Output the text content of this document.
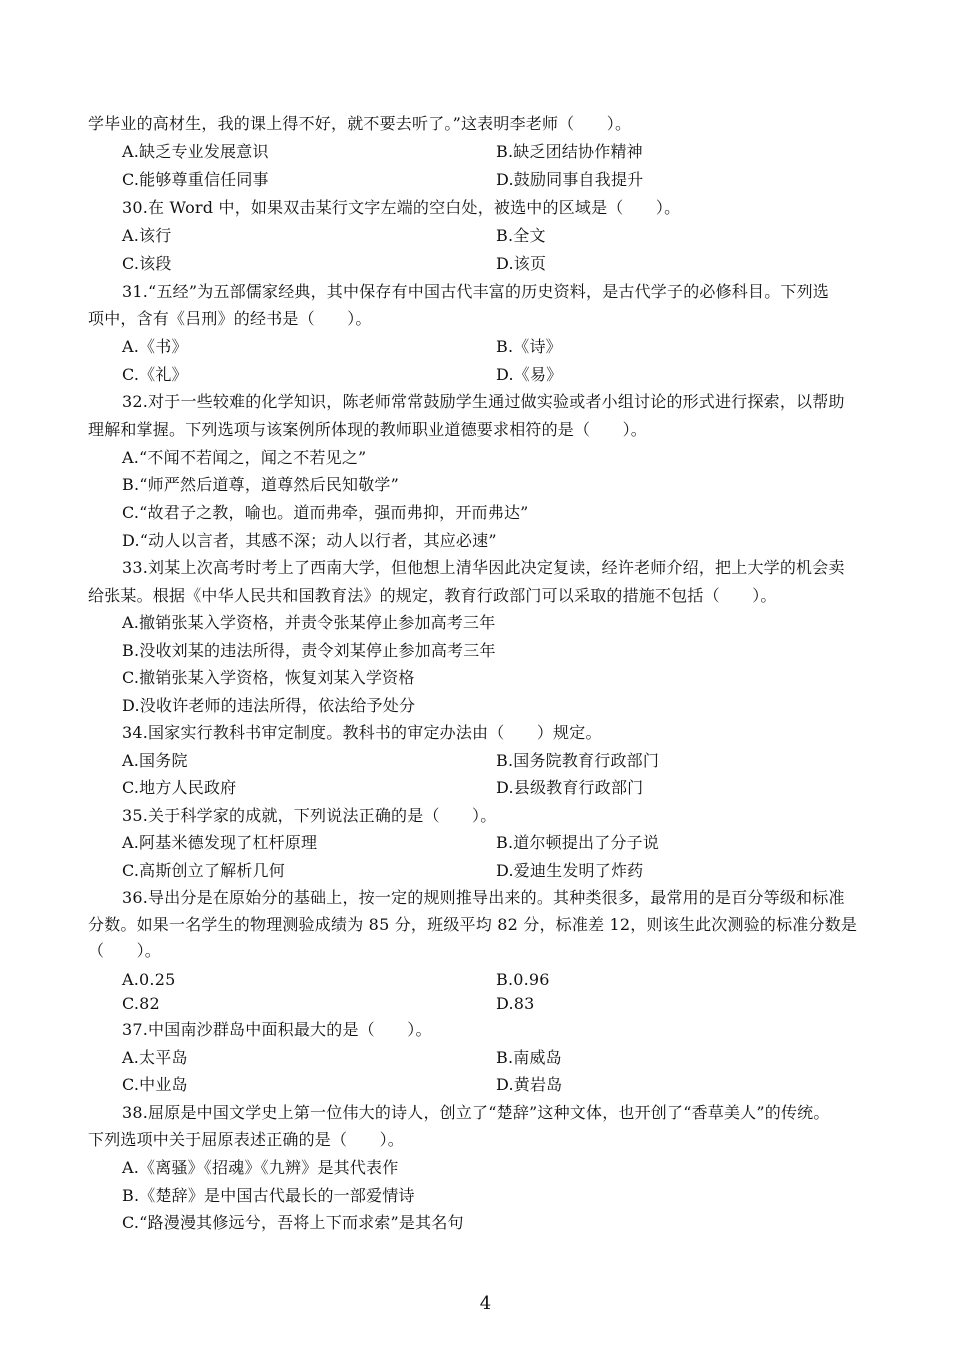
学毕业的高材生，我的课上得不好，就不要去听了。”这表明李老师（　　）。
A.缺乏专业发展意识	B.缺乏团结协作精神
C.能够尊重信任同事	D.鼓励同事自我提升
30.在 Word 中，如果双击某行文字左端的空白处，被选中的区域是（　　）。
A.该行	B.全文
C.该段	D.该页
31.“五经”为五部儒家经典，其中保存有中国古代丰富的历史资料，是古代学子的必修科目。下列选
项中，含有《吕刑》的经书是（　　）。
A.《书》	B.《诗》
C.《礼》	D.《易》
32.对于一些较难的化学知识，陈老师常常鼓励学生通过做实验或者小组讨论的形式进行探索，以帮助
理解和掌握。下列选项与该案例所体现的教师职业道德要求相符的是（　　）。
A.“不闻不若闻之，闻之不若见之”
B.“师严然后道尊，道尊然后民知敬学”
C.“故君子之教，喻也。道而弗牵，强而弗抑，开而弗达”
D.“动人以言者，其感不深；动人以行者，其应必速”
33.刘某上次高考时考上了西南大学，但他想上清华因此决定复读，经许老师介绍，把上大学的机会卖
给张某。根据《中华人民共和国教育法》的规定，教育行政部门可以采取的措施不包括（　　）。
A.撤销张某入学资格，并责令张某停止参加高考三年
B.没收刘某的违法所得，责令刘某停止参加高考三年
C.撤销张某入学资格，恢复刘某入学资格
D.没收许老师的违法所得，依法给予处分
34.国家实行教科书审定制度。教科书的审定办法由（　　）规定。
A.国务院	B.国务院教育行政部门
C.地方人民政府	D.县级教育行政部门
35.关于科学家的成就，下列说法正确的是（　　）。
A.阿基米德发现了杠杆原理	B.道尔顿提出了分子说
C.高斯创立了解析几何	D.爱迪生发明了炸药
36.导出分是在原始分的基础上，按一定的规则推导出来的。其种类很多，最常用的是百分等级和标准
分数。如果一名学生的物理测验成绩为 85 分，班级平均 82 分，标准差 12，则该生此次测验的标准分数是
（　　）。
A.0.25	B.0.96
C.82	D.83
37.中国南沙群岛中面积最大的是（　　）。
A.太平岛	B.南威岛
C.中业岛	D.黄岩岛
38.屈原是中国文学史上第一位伟大的诗人，创立了“楚辞”这种文体，也开创了“香草美人”的传统。
下列选项中关于屈原表述正确的是（　　）。
A.《离骚》《招魂》《九辨》是其代表作
B.《楚辞》是中国古代最长的一部爱情诗
C.“路漫漫其修远兮，吾将上下而求索”是其名句
4
